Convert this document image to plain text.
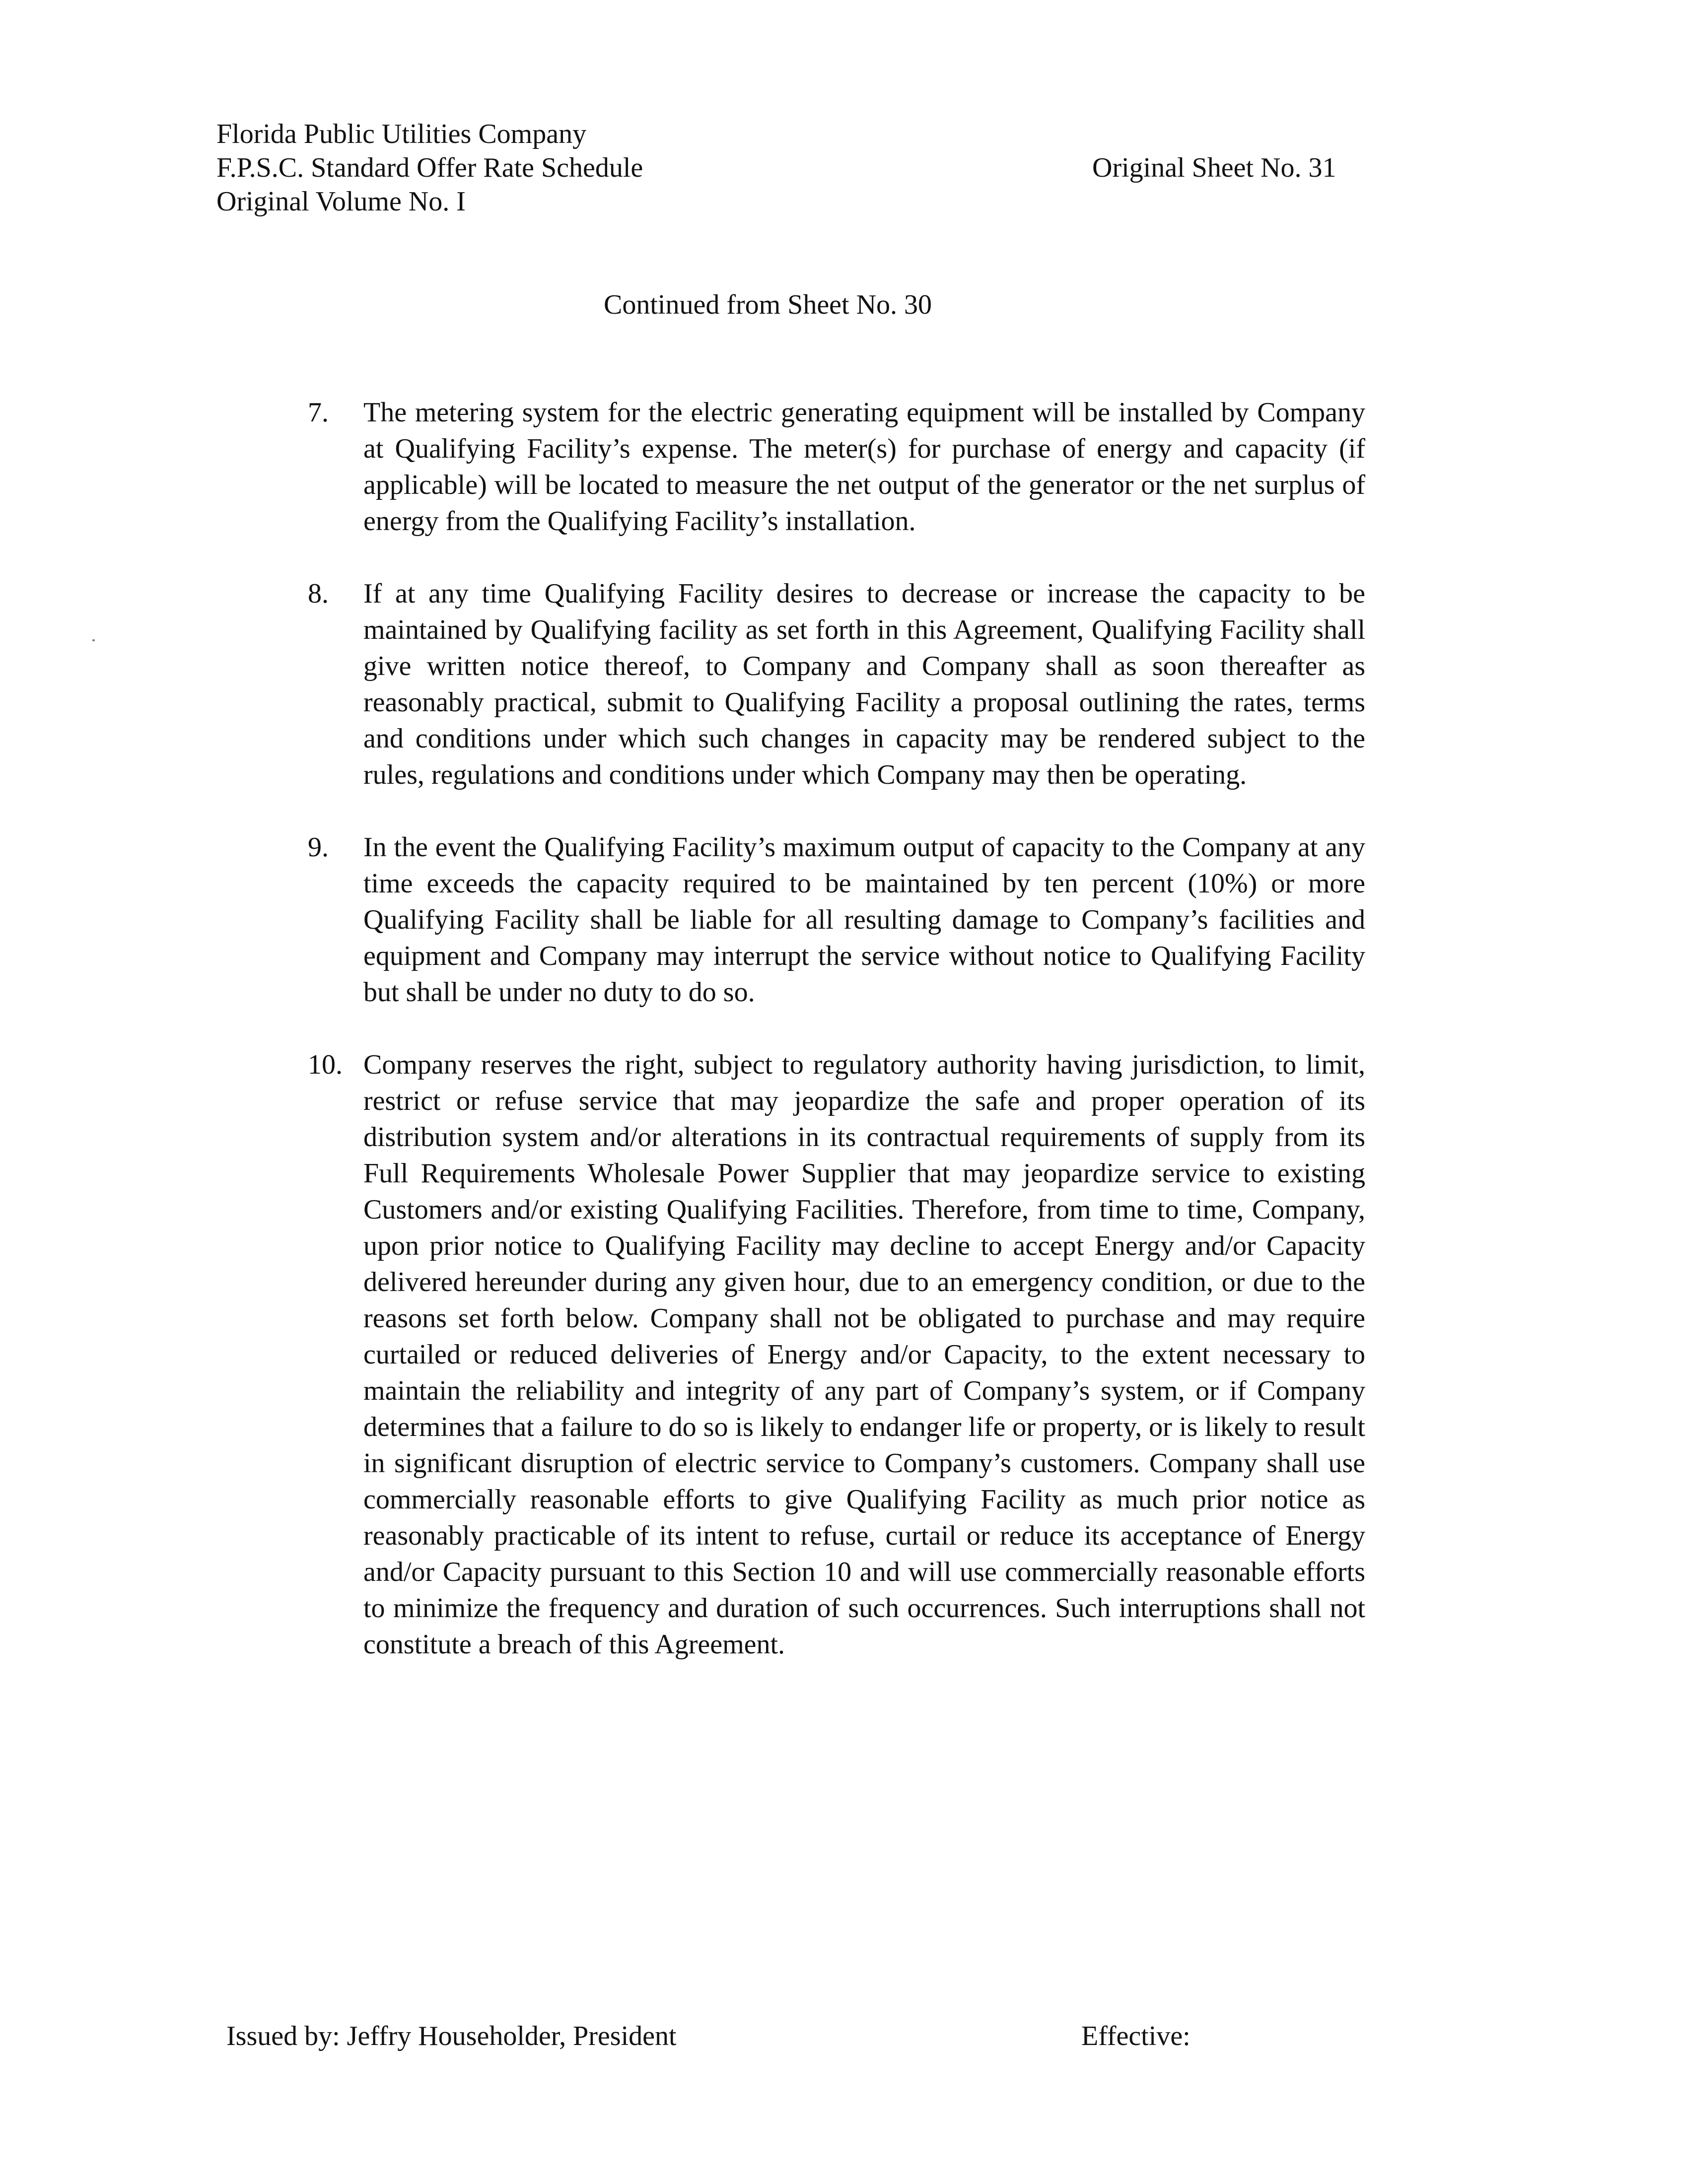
Florida Public Utilities Company
F.P.S.C. Standard Offer Rate Schedule
Original Volume No. I
Original Sheet No. 31
Continued from Sheet No. 30
7. The metering system for the electric generating equipment will be installed by Company at Qualifying Facility’s expense. The meter(s) for purchase of energy and capacity (if applicable) will be located to measure the net output of the generator or the net surplus of energy from the Qualifying Facility’s installation.
8. If at any time Qualifying Facility desires to decrease or increase the capacity to be maintained by Qualifying facility as set forth in this Agreement, Qualifying Facility shall give written notice thereof, to Company and Company shall as soon thereafter as reasonably practical, submit to Qualifying Facility a proposal outlining the rates, terms and conditions under which such changes in capacity may be rendered subject to the rules, regulations and conditions under which Company may then be operating.
9. In the event the Qualifying Facility’s maximum output of capacity to the Company at any time exceeds the capacity required to be maintained by ten percent (10%) or more Qualifying Facility shall be liable for all resulting damage to Company’s facilities and equipment and Company may interrupt the service without notice to Qualifying Facility but shall be under no duty to do so.
10. Company reserves the right, subject to regulatory authority having jurisdiction, to limit, restrict or refuse service that may jeopardize the safe and proper operation of its distribution system and/or alterations in its contractual requirements of supply from its Full Requirements Wholesale Power Supplier that may jeopardize service to existing Customers and/or existing Qualifying Facilities. Therefore, from time to time, Company, upon prior notice to Qualifying Facility may decline to accept Energy and/or Capacity delivered hereunder during any given hour, due to an emergency condition, or due to the reasons set forth below. Company shall not be obligated to purchase and may require curtailed or reduced deliveries of Energy and/or Capacity, to the extent necessary to maintain the reliability and integrity of any part of Company’s system, or if Company determines that a failure to do so is likely to endanger life or property, or is likely to result in significant disruption of electric service to Company’s customers. Company shall use commercially reasonable efforts to give Qualifying Facility as much prior notice as reasonably practicable of its intent to refuse, curtail or reduce its acceptance of Energy and/or Capacity pursuant to this Section 10 and will use commercially reasonable efforts to minimize the frequency and duration of such occurrences. Such interruptions shall not constitute a breach of this Agreement.
Issued by: Jeffry Householder, President	Effective:
